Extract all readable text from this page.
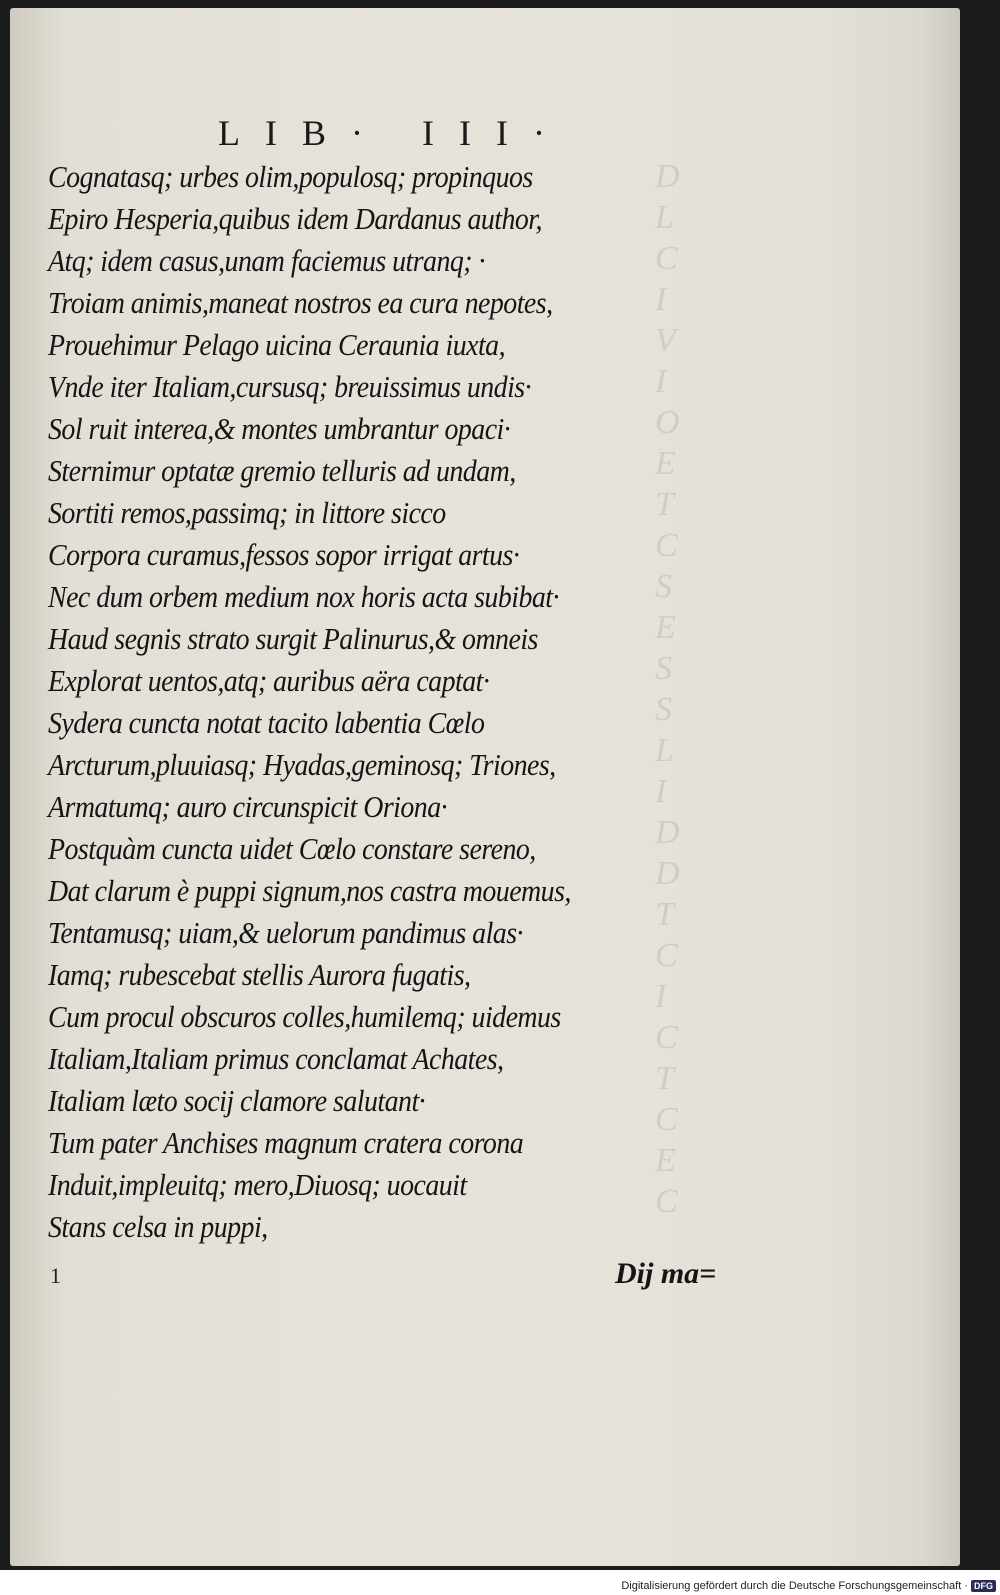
D
L
C
I
V
I
O
E
T
C
S
E
S
S
L
I
D
D
T
C
I
C
T
C
E
C
LIB· III·
Cognatasq; urbes olim,populosq; propinquos
Epiro Hesperia,quibus idem Dardanus author,
Atq; idem casus,unam faciemus utranq; ·
Troiam animis,maneat nostros ea cura nepotes,
Prouehimur Pelago uicina Ceraunia iuxta,
Vnde iter Italiam,cursusq; breuissimus undis·
Sol ruit interea,& montes umbrantur opaci·
Sternimur optatæ gremio telluris ad undam,
Sortiti remos,passimq; in littore sicco
Corpora curamus,fessos sopor irrigat artus·
Nec dum orbem medium nox horis acta subibat·
Haud segnis strato surgit Palinurus,& omneis
Explorat uentos,atq; auribus aëra captat·
Sydera cuncta notat tacito labentia Cœlo
Arcturum,pluuiasq; Hyadas,geminosq; Triones,
Armatumq; auro circunspicit Oriona·
Postquàm cuncta uidet Cœlo constare sereno,
Dat clarum è puppi signum,nos castra mouemus,
Tentamusq; uiam,& uelorum pandimus alas·
Iamq; rubescebat stellis Aurora fugatis,
Cum procul obscuros colles,humilemq; uidemus
Italiam,Italiam primus conclamat Achates,
Italiam læto socij clamore salutant·
Tum pater Anchises magnum cratera corona
Induit,impleuitq; mero,Diuosq; uocauit
Stans celsa in puppi,
1	Dij ma=
Digitalisierung gefördert durch die Deutsche Forschungsgemeinschaft · DFG
